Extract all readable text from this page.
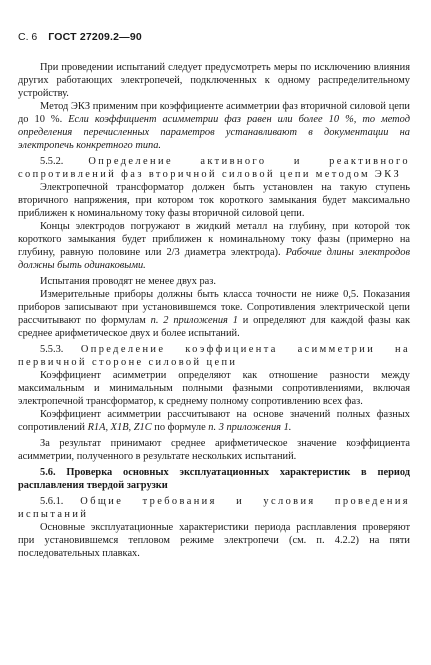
С. 6 ГОСТ 27209.2—90

При проведении испытаний следует предусмотреть меры по исключению влияния других работающих электропечей, подключенных к одному распределительному устройству.

Метод ЭКЗ применим при коэффициенте асимметрии фаз вторичной силовой цепи до 10 %. Если коэффициент асимметрии фаз равен или более 10 %, то метод определения перечисленных параметров устанавливают в документации на электропечь конкретного типа.

5.5.2. Определение активного и реактивного сопротивлений фаз вторичной силовой цепи методом ЭКЗ

Электропечной трансформатор должен быть установлен на такую ступень вторичного напряжения, при котором ток короткого замыкания будет максимально приближен к номинальному току фазы вторичной силовой цепи.

Концы электродов погружают в жидкий металл на глубину, при которой ток короткого замыкания будет приближен к номинальному току фазы (примерно на глубину, равную половине или 2/3 диаметра электрода). Рабочие длины электродов должны быть одинаковыми.

Испытания проводят не менее двух раз.

Измерительные приборы должны быть класса точности не ниже 0,5. Показания приборов записывают при установившемся токе. Сопротивления электрической цепи рассчитывают по формулам п. 2 приложения 1 и определяют для каждой фазы как среднее арифметическое двух и более испытаний.

5.5.3. Определение коэффициента асимметрии на первичной стороне силовой цепи

Коэффициент асимметрии определяют как отношение разности между максимальным и минимальным полными фазными сопротивлениями, включая электропечной трансформатор, к среднему полному сопротивлению всех фаз.

Коэффициент асимметрии рассчитывают на основе значений полных фазных сопротивлений R1A, X1B, Z1C по формуле п. 3 приложения 1.

За результат принимают среднее арифметическое значение коэффициента асимметрии, полученного в результате нескольких испытаний.

5.6. Проверка основных эксплуатационных характеристик в период расплавления твердой загрузки

5.6.1. Общие требования и условия проведения испытаний

Основные эксплуатационные характеристики периода расплавления проверяют при установившемся тепловом режиме электропечи (см. п. 4.2.2) на пяти последовательных плавках.
